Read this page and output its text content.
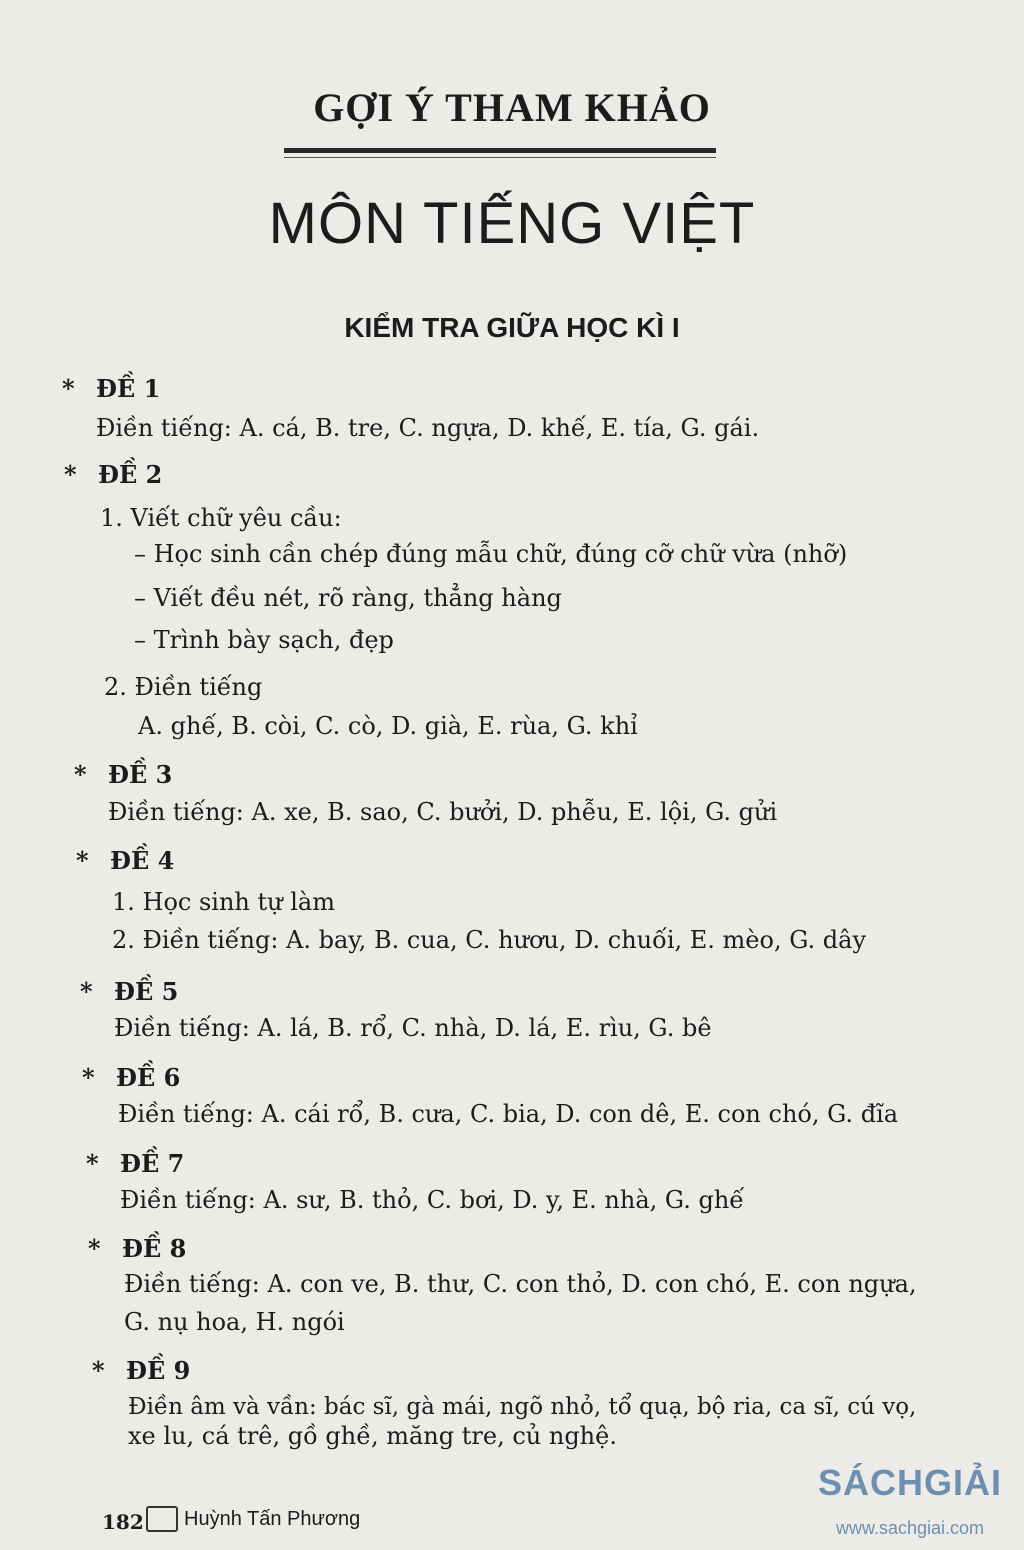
GỢI Ý THAM KHẢO
MÔN TIẾNG VIỆT
KIỂM TRA GIỮA HỌC KÌ I
* ĐỀ 1
Điền tiếng: A. cá, B. tre, C. ngựa, D. khế, E. tía, G. gái.
* ĐỀ 2
1. Viết chữ yêu cầu:
– Học sinh cần chép đúng mẫu chữ, đúng cỡ chữ vừa (nhỡ)
– Viết đều nét, rõ ràng, thẳng hàng
– Trình bày sạch, đẹp
2. Điền tiếng
A. ghế, B. còi, C. cò, D. già, E. rùa, G. khỉ
* ĐỀ 3
Điền tiếng: A. xe, B. sao, C. bưởi, D. phễu, E. lội, G. gửi
* ĐỀ 4
1. Học sinh tự làm
2. Điền tiếng: A. bay, B. cua, C. hươu, D. chuối, E. mèo, G. dây
* ĐỀ 5
Điền tiếng: A. lá, B. rổ, C. nhà, D. lá, E. rìu, G. bê
* ĐỀ 6
Điền tiếng: A. cái rổ, B. cưa, C. bia, D. con dê, E. con chó, G. đĩa
* ĐỀ 7
Điền tiếng: A. sư, B. thỏ, C. bơi, D. y, E. nhà, G. ghế
* ĐỀ 8
Điền tiếng: A. con ve, B. thư, C. con thỏ, D. con chó, E. con ngựa,
G. nụ hoa, H. ngói
* ĐỀ 9
Điền âm và vần: bác sĩ, gà mái, ngõ nhỏ, tổ quạ, bộ ria, ca sĩ, cú vọ,
xe lu, cá trê, gồ ghề, măng tre, củ nghệ.
182 Huỳnh Tấn Phương
SÁCHGIẢI
www.sachgiai.com
